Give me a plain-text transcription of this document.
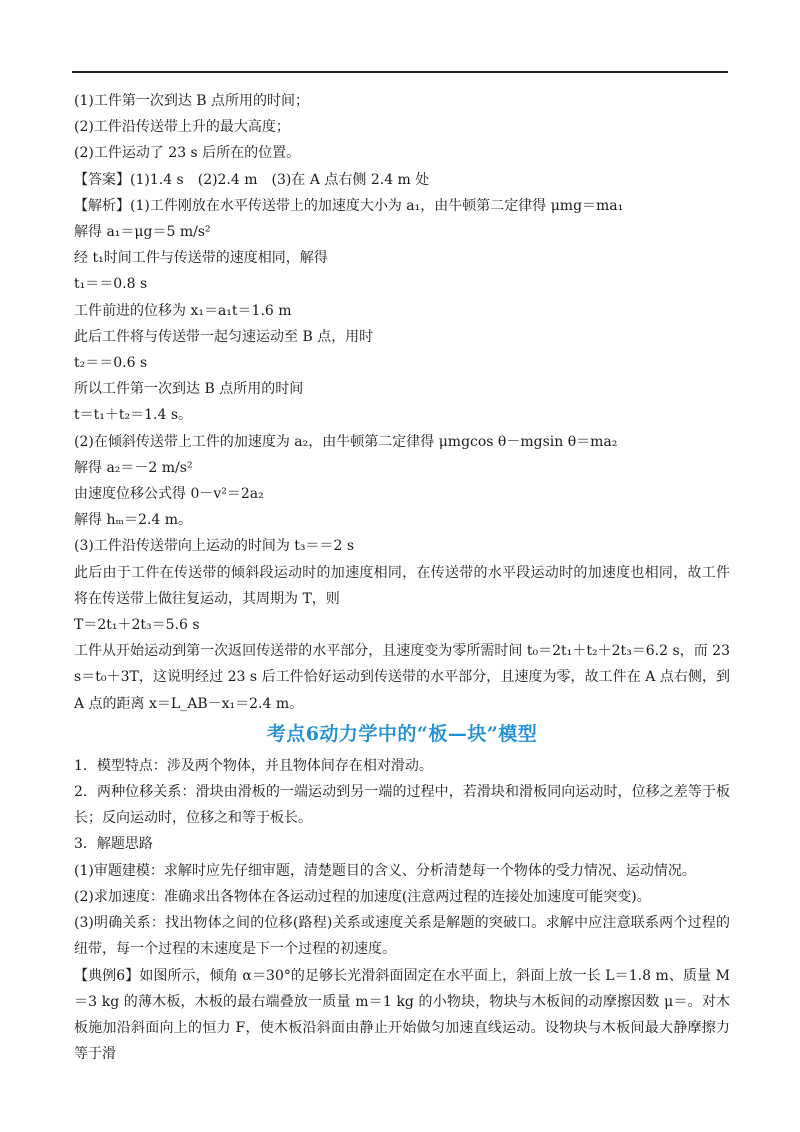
(1)工件第一次到达 B 点所用的时间；
(2)工件沿传送带上升的最大高度；
(2)工件运动了 23 s 后所在的位置。
【答案】(1)1.4 s　(2)2.4 m　(3)在 A 点右侧 2.4 m 处
【解析】(1)工件刚放在水平传送带上的加速度大小为 a₁，由牛顿第二定律得 μmg＝ma₁
解得 a₁＝μg＝5 m/s²
经 t₁时间工件与传送带的速度相同，解得
t₁＝＝0.8 s
工件前进的位移为 x₁＝a₁t＝1.6 m
此后工件将与传送带一起匀速运动至 B 点，用时
t₂＝＝0.6 s
所以工件第一次到达 B 点所用的时间
t＝t₁＋t₂＝1.4 s。
(2)在倾斜传送带上工件的加速度为 a₂，由牛顿第二定律得 μmgcos θ－mgsin θ＝ma₂
解得 a₂＝－2 m/s²
由速度位移公式得 0－v²＝2a₂
解得 hₘ＝2.4 m。
(3)工件沿传送带向上运动的时间为 t₃＝＝2 s
此后由于工件在传送带的倾斜段运动时的加速度相同，在传送带的水平段运动时的加速度也相同，故工件将在传送带上做往复运动，其周期为 T，则
T＝2t₁＋2t₃＝5.6 s
工件从开始运动到第一次返回传送带的水平部分，且速度变为零所需时间 t₀＝2t₁＋t₂＋2t₃＝6.2 s，而 23 s＝t₀＋3T，这说明经过 23 s 后工件恰好运动到传送带的水平部分，且速度为零，故工件在 A 点右侧，到 A 点的距离 x＝L_AB－x₁＝2.4 m。
考点6动力学中的“板—块”模型
1．模型特点：涉及两个物体，并且物体间存在相对滑动。
2．两种位移关系：滑块由滑板的一端运动到另一端的过程中，若滑块和滑板同向运动时，位移之差等于板长；反向运动时，位移之和等于板长。
3．解题思路
(1)审题建模：求解时应先仔细审题，清楚题目的含义、分析清楚每一个物体的受力情况、运动情况。
(2)求加速度：准确求出各物体在各运动过程的加速度(注意两过程的连接处加速度可能突变)。
(3)明确关系：找出物体之间的位移(路程)关系或速度关系是解题的突破口。求解中应注意联系两个过程的纽带，每一个过程的末速度是下一个过程的初速度。
【典例6】如图所示，倾角 α＝30°的足够长光滑斜面固定在水平面上，斜面上放一长 L＝1.8 m、质量 M＝3 kg 的薄木板，木板的最右端叠放一质量 m＝1 kg 的小物块，物块与木板间的动摩擦因数 μ＝。对木板施加沿斜面向上的恒力 F，使木板沿斜面由静止开始做匀加速直线运动。设物块与木板间最大静摩擦力等于滑
